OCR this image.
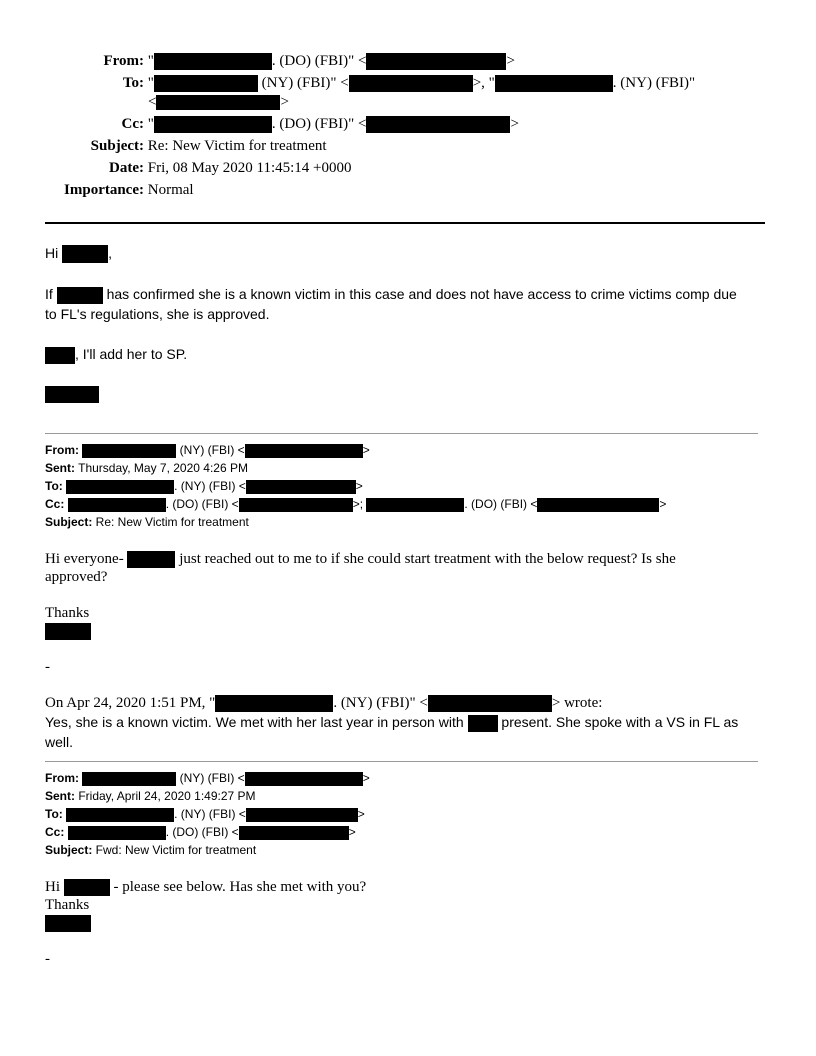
From: "	. (DO) (FBI)" <	>
To: "	(NY) (FBI)" <	>, "	. (NY) (FBI)"
<	>
Cc: "	. (DO) (FBI)" <	>
Subject: Re: New Victim for treatment
Date: Fri, 08 May 2020 11:45:14 +0000
Importance: Normal
Hi	,
If	has confirmed she is a known victim in this case and does not have access to crime victims comp due
to FL's regulations, she is approved.
, I'll add her to SP.
From:	(NY) (FBI) <	>
Sent: Thursday, May 7, 2020 4:26 PM
To:	. (NY) (FBI) <	>
Cc:	. (DO) (FBI) <	>;	. (DO) (FBI) <	>
Subject: Re: New Victim for treatment
Hi everyone-	just reached out to me to if she could start treatment with the below request? Is she
approved?
Thanks
-
On Apr 24, 2020 1:51 PM, "	. (NY) (FBI)" <	> wrote:
Yes, she is a known victim. We met with her last year in person with	present. She spoke with a VS in FL as
well.
From:	(NY) (FBI) <	>
Sent: Friday, April 24, 2020 1:49:27 PM
To:	. (NY) (FBI) <	>
Cc:	. (DO) (FBI) <	>
Subject: Fwd: New Victim for treatment
Hi	- please see below. Has she met with you?
Thanks
-
